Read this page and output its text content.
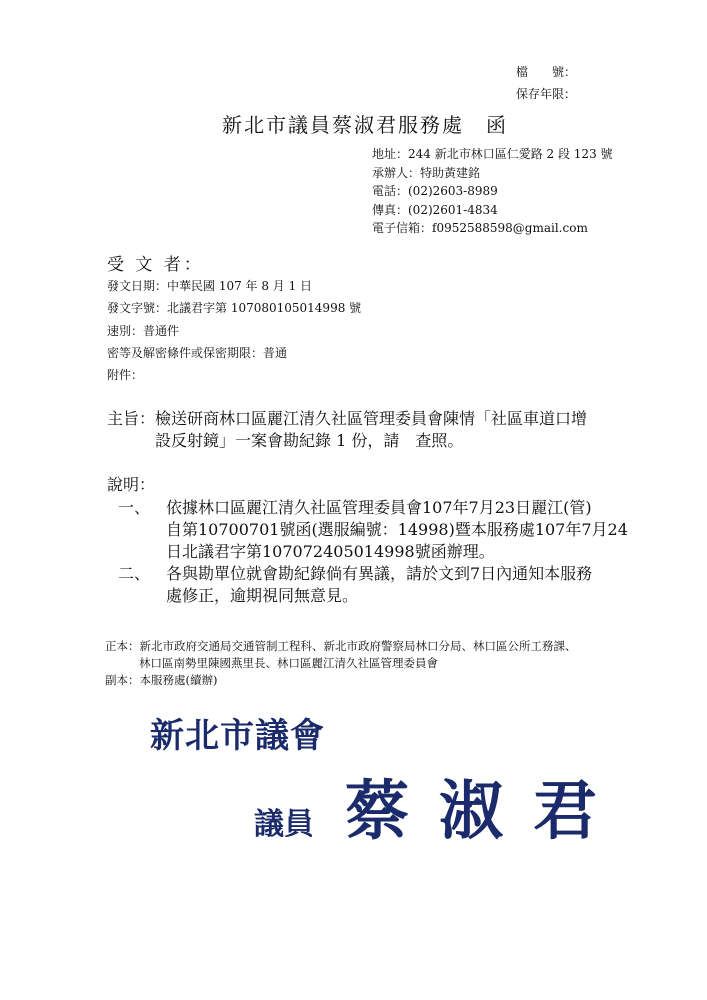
檔　　號：
保存年限：
新北市議員蔡淑君服務處　函
地址：244 新北市林口區仁愛路 2 段 123 號
承辦人：特助黃建銘
電話：(02)2603-8989
傳真：(02)2601-4834
電子信箱：f0952588598@gmail.com
受 文 者：
發文日期：中華民國 107 年 8 月 1 日
發文字號：北議君字第 107080105014998 號
速別：普通件
密等及解密條件或保密期限：普通
附件：
主旨：檢送研商林口區麗江清久社區管理委員會陳情「社區車道口增
設反射鏡」一案會勘紀錄 1 份，請　查照。
說明：
一、 依據林口區麗江清久社區管理委員會107年7月23日麗江(管)
自第10700701號函(選服編號：14998)暨本服務處107年7月24
日北議君字第107072405014998號函辦理。
二、 各與勘單位就會勘紀錄倘有異議，請於文到7日內通知本服務
處修正，逾期視同無意見。
正本：新北市政府交通局交通管制工程科、新北市政府警察局林口分局、林口區公所工務課、
林口區南勢里陳國燕里長、林口區麗江清久社區管理委員會
副本：本服務處(續辦)
新北市議會
議員 蔡淑君
